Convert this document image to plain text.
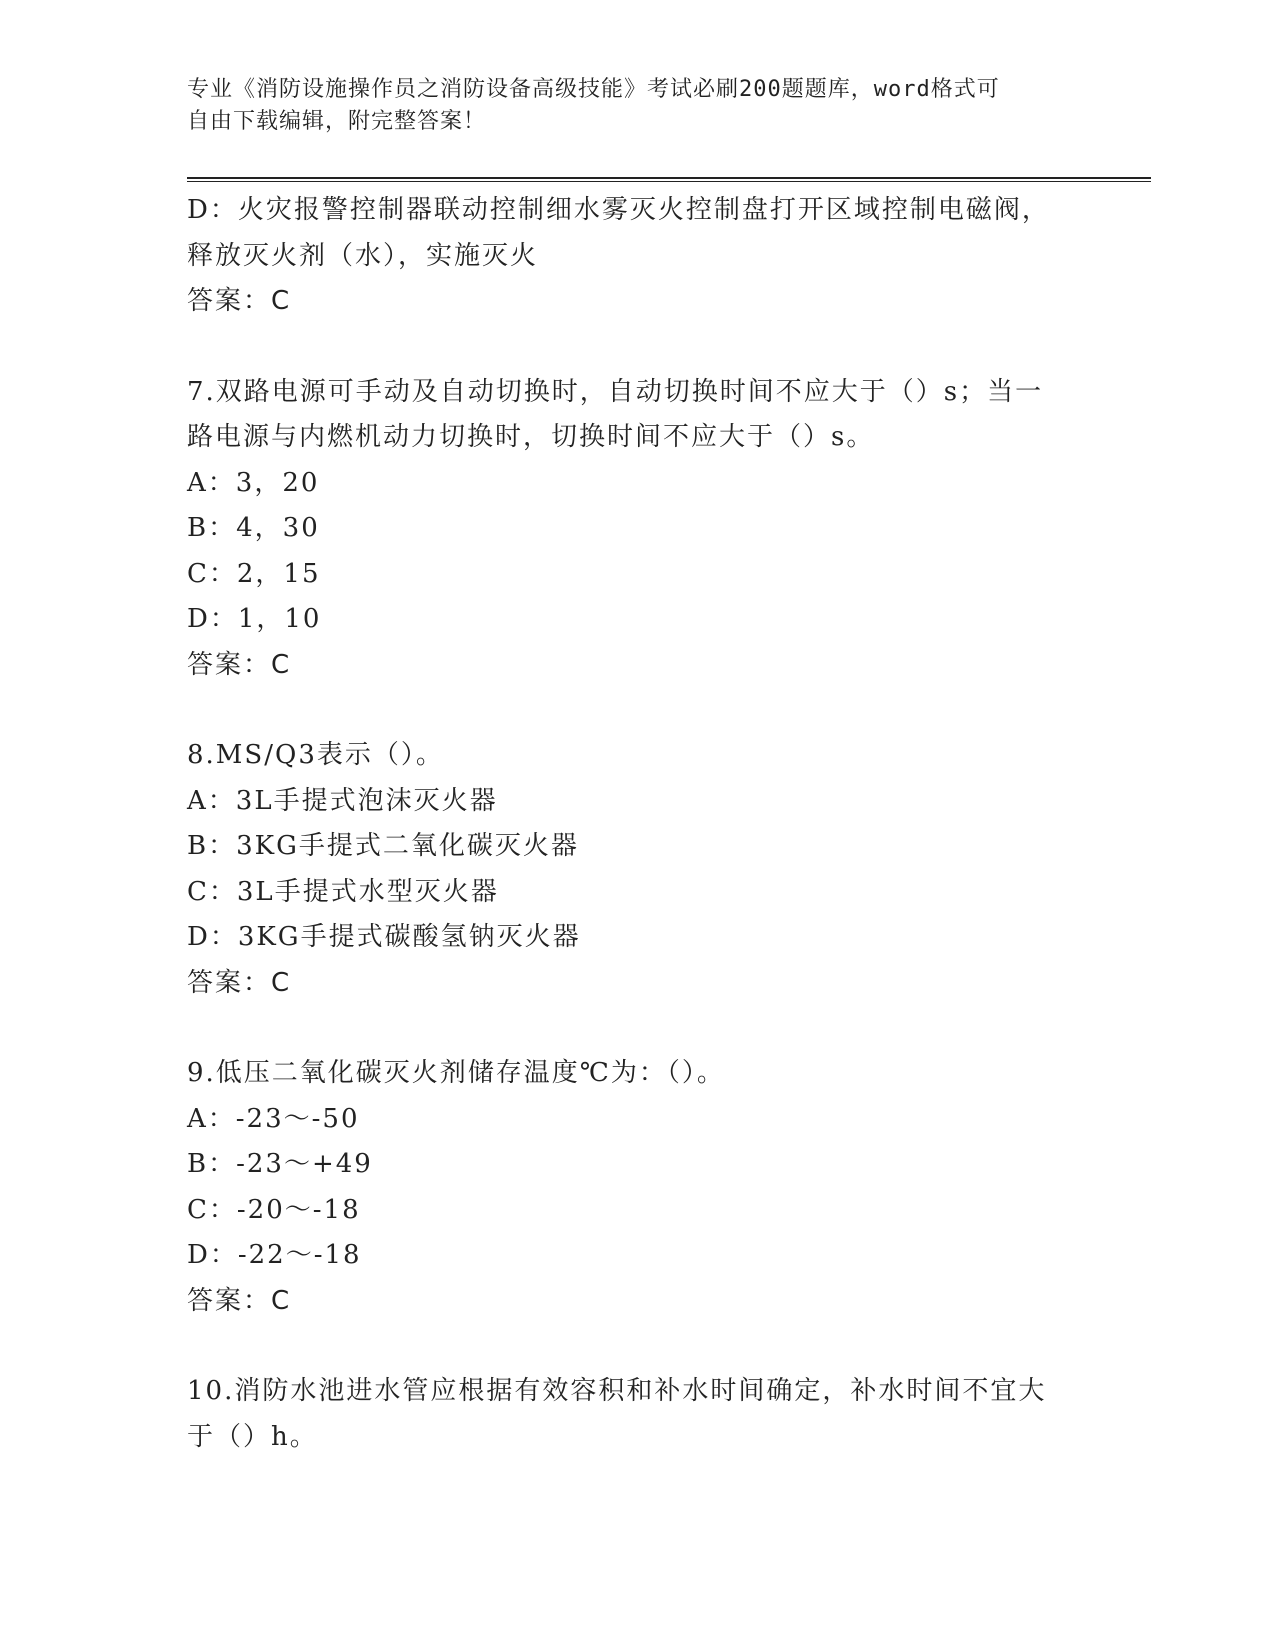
专业《消防设施操作员之消防设备高级技能》考试必刷200题题库，word格式可
自由下载编辑，附完整答案！
D：火灾报警控制器联动控制细水雾灭火控制盘打开区域控制电磁阀，
释放灭火剂（水），实施灭火
答案：C
7.双路电源可手动及自动切换时，自动切换时间不应大于（）s；当一
路电源与内燃机动力切换时，切换时间不应大于（）s。
A：3，20
B：4，30
C：2，15
D：1，10
答案：C
8.MS/Q3表示（）。
A：3L手提式泡沫灭火器
B：3KG手提式二氧化碳灭火器
C：3L手提式水型灭火器
D：3KG手提式碳酸氢钠灭火器
答案：C
9.低压二氧化碳灭火剂储存温度℃为：（）。
A：-23～-50
B：-23～+49
C：-20～-18
D：-22～-18
答案：C
10.消防水池进水管应根据有效容积和补水时间确定，补水时间不宜大
于（）h。
